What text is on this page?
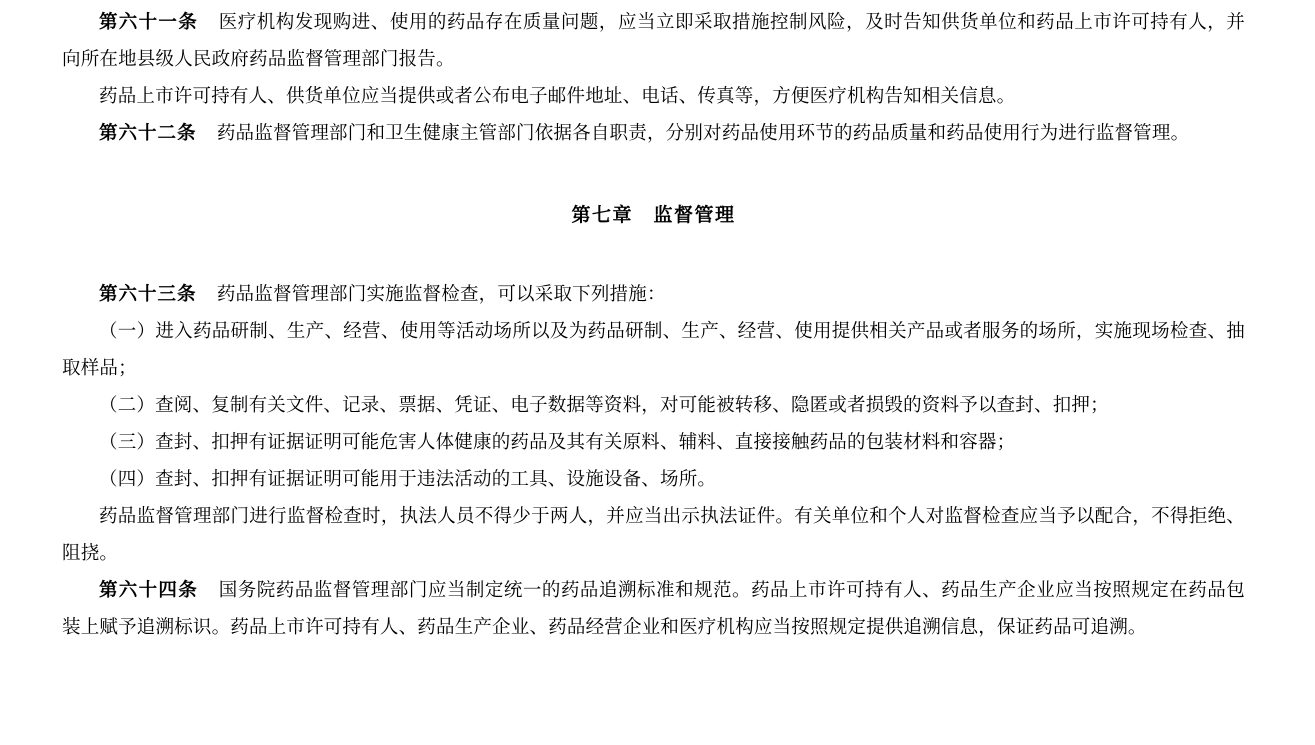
第六十一条 医疗机构发现购进、使用的药品存在质量问题，应当立即采取措施控制风险，及时告知供货单位和药品上市许可持有人，并向所在地县级人民政府药品监督管理部门报告。

药品上市许可持有人、供货单位应当提供或者公布电子邮件地址、电话、传真等，方便医疗机构告知相关信息。

第六十二条 药品监督管理部门和卫生健康主管部门依据各自职责，分别对药品使用环节的药品质量和药品使用行为进行监督管理。

第七章　监督管理

第六十三条 药品监督管理部门实施监督检查，可以采取下列措施：

（一）进入药品研制、生产、经营、使用等活动场所以及为药品研制、生产、经营、使用提供相关产品或者服务的场所，实施现场检查、抽取样品；

（二）查阅、复制有关文件、记录、票据、凭证、电子数据等资料，对可能被转移、隐匿或者损毁的资料予以查封、扣押；

（三）查封、扣押有证据证明可能危害人体健康的药品及其有关原料、辅料、直接接触药品的包装材料和容器；

（四）查封、扣押有证据证明可能用于违法活动的工具、设施设备、场所。

药品监督管理部门进行监督检查时，执法人员不得少于两人，并应当出示执法证件。有关单位和个人对监督检查应当予以配合，不得拒绝、阻挠。

第六十四条 国务院药品监督管理部门应当制定统一的药品追溯标准和规范。药品上市许可持有人、药品生产企业应当按照规定在药品包装上赋予追溯标识。药品上市许可持有人、药品生产企业、药品经营企业和医疗机构应当按照规定提供追溯信息，保证药品可追溯。
